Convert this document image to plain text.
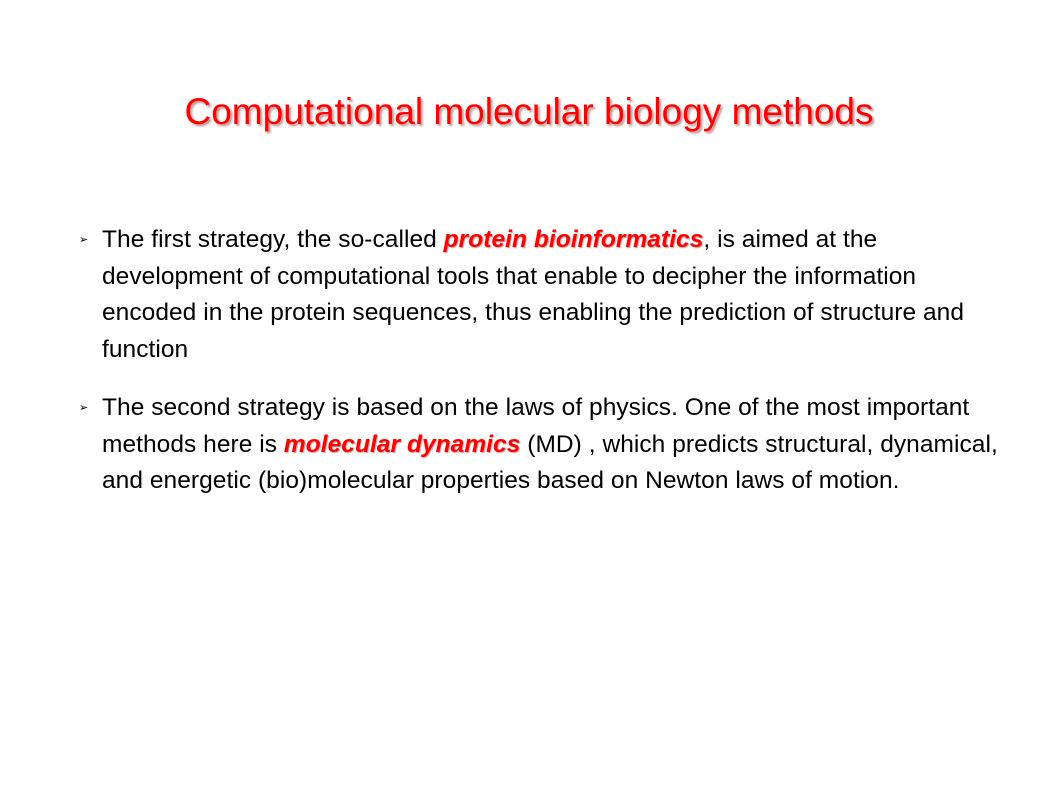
Computational molecular biology methods
➢ The first strategy, the so-called protein bioinformatics, is aimed at the development of computational tools that enable to decipher the information encoded in the protein sequences, thus enabling the prediction of structure and function
➢ The second strategy is based on the laws of physics. One of the most important methods here is molecular dynamics (MD) , which predicts structural, dynamical, and energetic (bio)molecular properties based on Newton laws of motion.
